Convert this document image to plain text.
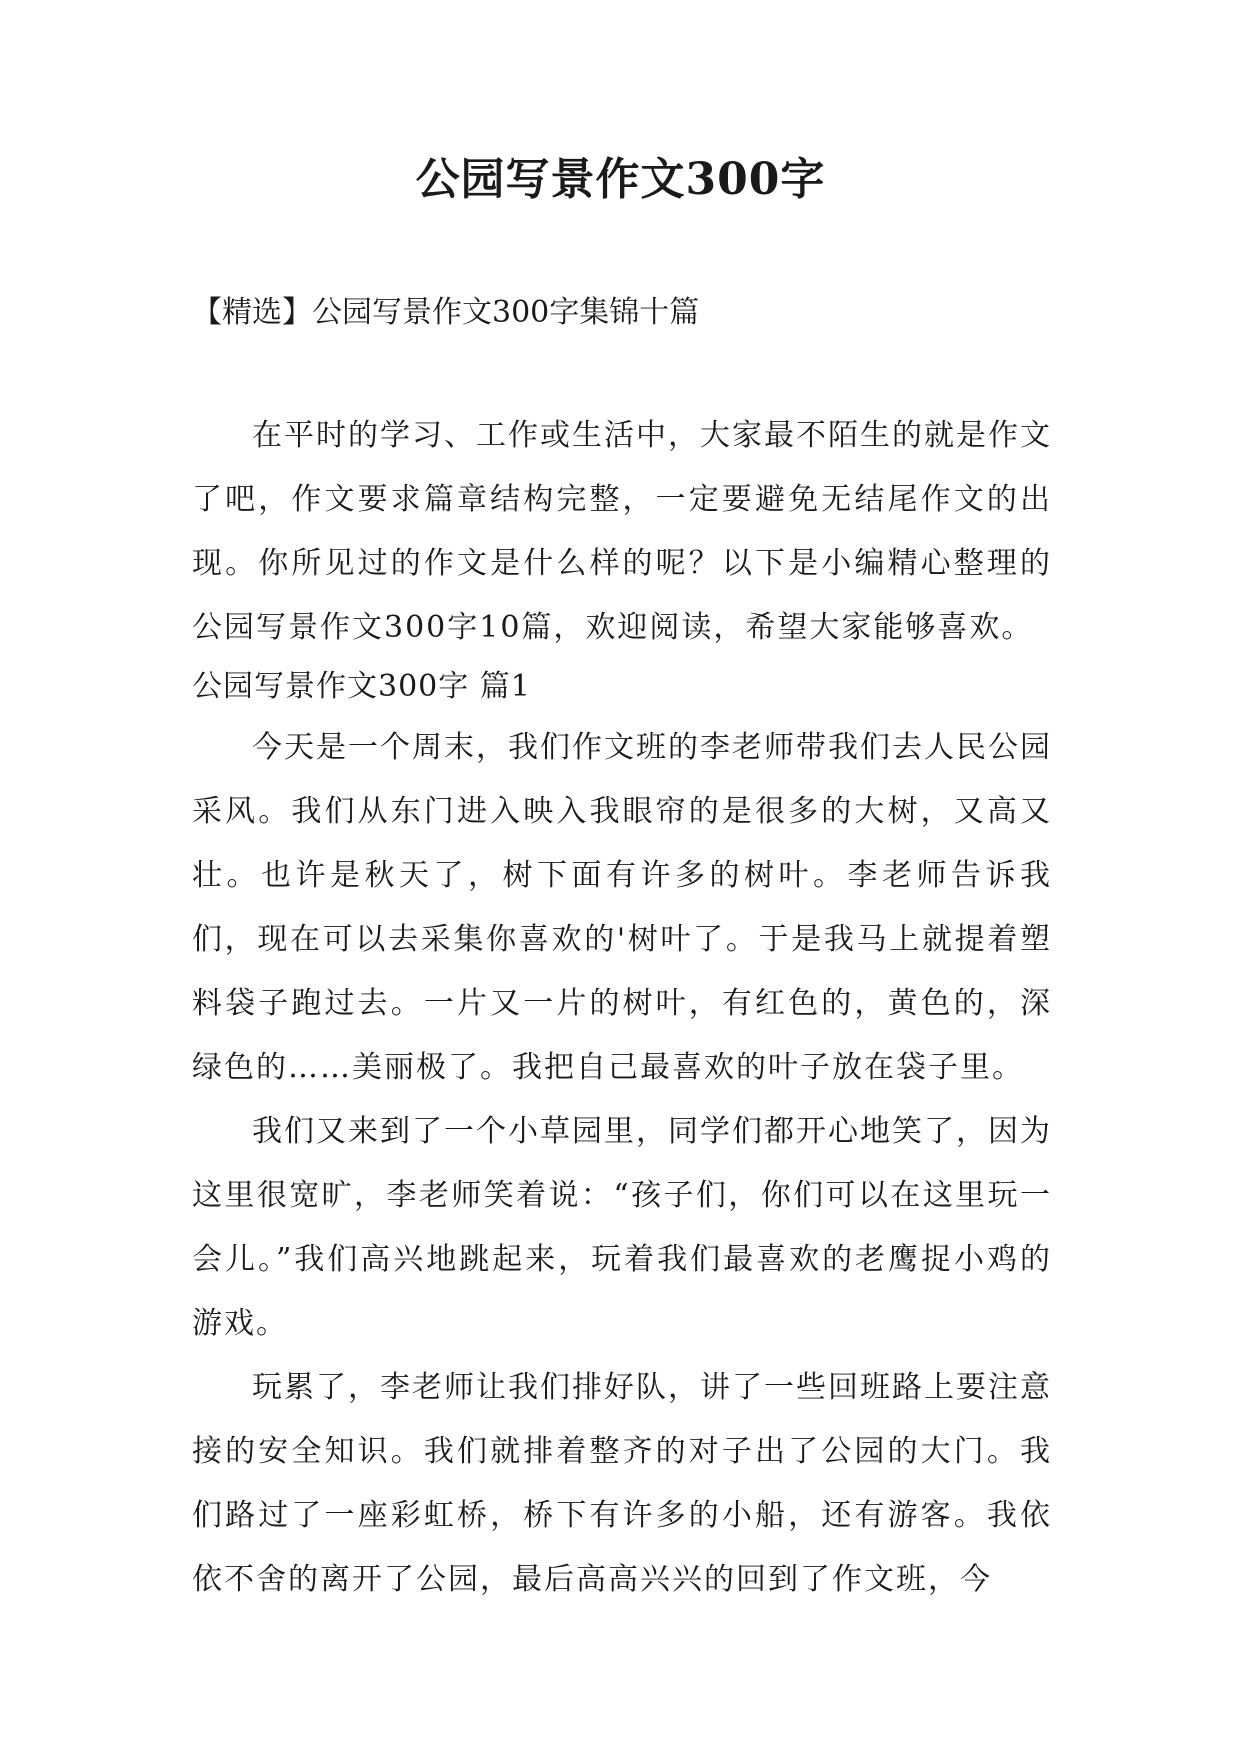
公园写景作文300字

【精选】公园写景作文300字集锦十篇

在平时的学习、工作或生活中，大家最不陌生的就是作文了吧，作文要求篇章结构完整，一定要避免无结尾作文的出现。你所见过的作文是什么样的呢？以下是小编精心整理的公园写景作文300字10篇，欢迎阅读，希望大家能够喜欢。

公园写景作文300字 篇1

今天是一个周末，我们作文班的李老师带我们去人民公园采风。我们从东门进入映入我眼帘的是很多的大树，又高又壮。也许是秋天了，树下面有许多的树叶。李老师告诉我们，现在可以去采集你喜欢的'树叶了。于是我马上就提着塑料袋子跑过去。一片又一片的树叶，有红色的，黄色的，深绿色的……美丽极了。我把自己最喜欢的叶子放在袋子里。

我们又来到了一个小草园里，同学们都开心地笑了，因为这里很宽旷，李老师笑着说：“孩子们，你们可以在这里玩一会儿。”我们高兴地跳起来，玩着我们最喜欢的老鹰捉小鸡的游戏。

玩累了，李老师让我们排好队，讲了一些回班路上要注意接的安全知识。我们就排着整齐的对子出了公园的大门。我们路过了一座彩虹桥，桥下有许多的小船，还有游客。我依依不舍的离开了公园，最后高高兴兴的回到了作文班，今
